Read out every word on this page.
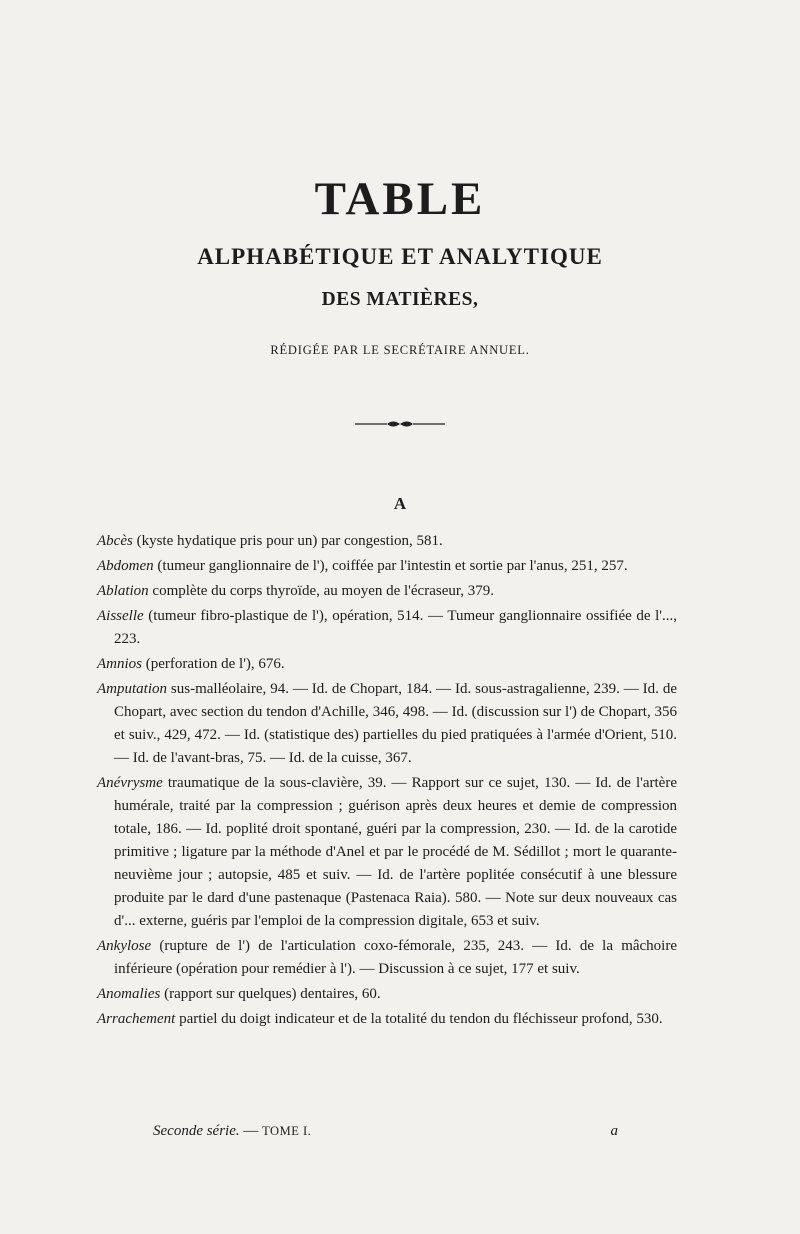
TABLE
ALPHABÉTIQUE ET ANALYTIQUE
DES MATIÈRES,

RÉDIGÉE PAR LE SECRÉTAIRE ANNUEL.

A

Abcès (kyste hydatique pris pour un) par congestion, 581.

Abdomen (tumeur ganglionnaire de l'), coiffée par l'intestin et sortie par l'anus, 251, 257.

Ablation complète du corps thyroïde, au moyen de l'écraseur, 379.

Aisselle (tumeur fibro-plastique de l'), opération, 514. — Tumeur ganglionnaire ossifiée de l'..., 223.

Amnios (perforation de l'), 676.

Amputation sus-malléolaire, 94. — Id. de Chopart, 184. — Id. sous-astragalienne, 239. — Id. de Chopart, avec section du tendon d'Achille, 346, 498. — Id. (discussion sur l') de Chopart, 356 et suiv., 429, 472. — Id. (statistique des) partielles du pied pratiquées à l'armée d'Orient, 510. — Id. de l'avant-bras, 75. — Id. de la cuisse, 367.

Anévrysme traumatique de la sous-clavière, 39. — Rapport sur ce sujet, 130. — Id. de l'artère humérale, traité par la compression ; guérison après deux heures et demie de compression totale, 186. — Id. poplité droit spontané, guéri par la compression, 230. — Id. de la carotide primitive ; ligature par la méthode d'Anel et par le procédé de M. Sédillot ; mort le quarante-neuvième jour ; autopsie, 485 et suiv. — Id. de l'artère poplitée consécutif à une blessure produite par le dard d'une pastenaque (Pastenaca Raia). 580. — Note sur deux nouveaux cas d'... externe, guéris par l'emploi de la compression digitale, 653 et suiv.

Ankylose (rupture de l') de l'articulation coxo-fémorale, 235, 243. — Id. de la mâchoire inférieure (opération pour remédier à l'). — Discussion à ce sujet, 177 et suiv.

Anomalies (rapport sur quelques) dentaires, 60.

Arrachement partiel du doigt indicateur et de la totalité du tendon du fléchisseur profond, 530.

Seconde série. — TOME I.	a
